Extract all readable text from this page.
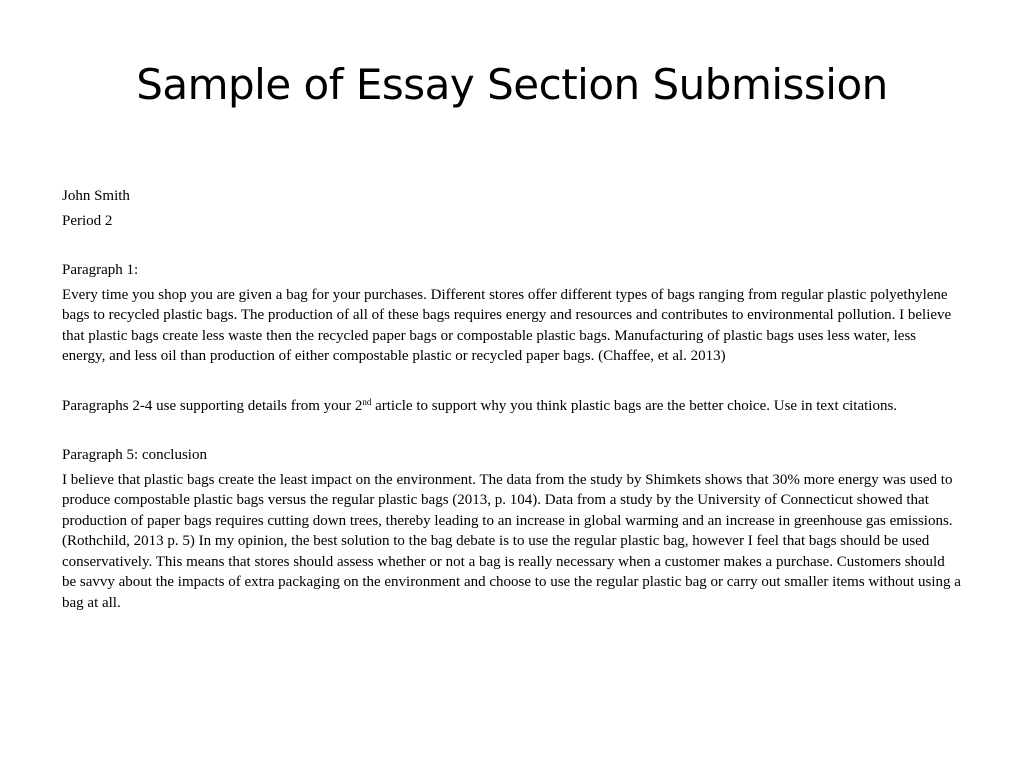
Sample of Essay Section Submission

John Smith

Period 2

Paragraph 1:

Every time you shop you are given a bag for your purchases. Different stores offer different types of bags ranging from regular plastic polyethylene bags to recycled plastic bags. The production of all of these bags requires energy and resources and contributes to environmental pollution. I believe that plastic bags create less waste then the recycled paper bags or compostable plastic bags. Manufacturing of plastic bags uses less water, less energy, and less oil than production of either compostable plastic or recycled paper bags. (Chaffee, et al. 2013)

Paragraphs 2-4 use supporting details from your 2nd article to support why you think plastic bags are the better choice. Use in text citations.

Paragraph 5: conclusion

I believe that plastic bags create the least impact on the environment. The data from the study by Shimkets shows that 30% more energy was used to produce compostable plastic bags versus the regular plastic bags (2013, p. 104). Data from a study by the University of Connecticut showed that production of paper bags requires cutting down trees, thereby leading to an increase in global warming and an increase in greenhouse gas emissions. (Rothchild, 2013 p. 5) In my opinion, the best solution to the bag debate is to use the regular plastic bag, however I feel that bags should be used conservatively. This means that stores should assess whether or not a bag is really necessary when a customer makes a purchase. Customers should be savvy about the impacts of extra packaging on the environment and choose to use the regular plastic bag or carry out smaller items without using a bag at all.
